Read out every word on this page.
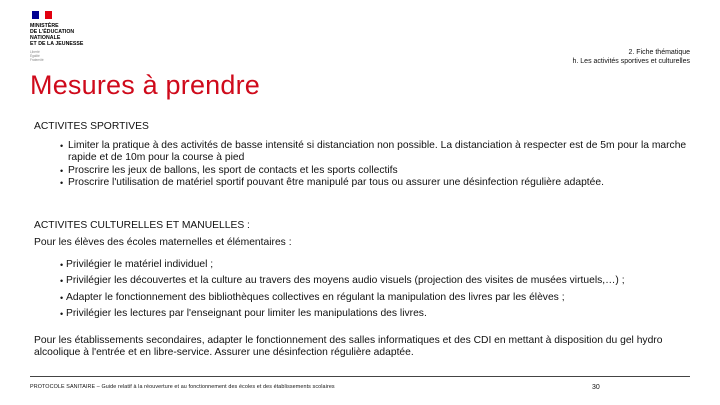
MINISTÈRE
DE L'ÉDUCATION
NATIONALE
ET DE LA JEUNESSE
Liberté
Égalité
Fraternité
2. Fiche thématique
h. Les activités sportives et culturelles
Mesures à prendre

ACTIVITES SPORTIVES

• Limiter la pratique à des activités de basse intensité si distanciation non possible. La distanciation à respecter est de 5m pour la marche rapide et de 10m pour la course à pied
• Proscrire les jeux de ballons, les sport de contacts et les sports collectifs
• Proscrire l'utilisation de matériel sportif pouvant être manipulé par tous ou assurer une désinfection régulière adaptée.

ACTIVITES CULTURELLES ET MANUELLES :

Pour les élèves des écoles maternelles et élémentaires :

• Privilégier le matériel individuel ;
• Privilégier les découvertes et la culture au travers des moyens audio visuels (projection des visites de musées virtuels,…) ;
• Adapter le fonctionnement des bibliothèques collectives en régulant la manipulation des livres par les élèves ;
• Privilégier les lectures par l'enseignant pour limiter les manipulations des livres.

Pour les établissements secondaires, adapter le fonctionnement des salles informatiques et des CDI en mettant à disposition du gel hydro alcoolique à l'entrée et en libre-service. Assurer une désinfection régulière adaptée.

PROTOCOLE SANITAIRE – Guide relatif à la réouverture et au fonctionnement des écoles et des établissements scolaires	30
